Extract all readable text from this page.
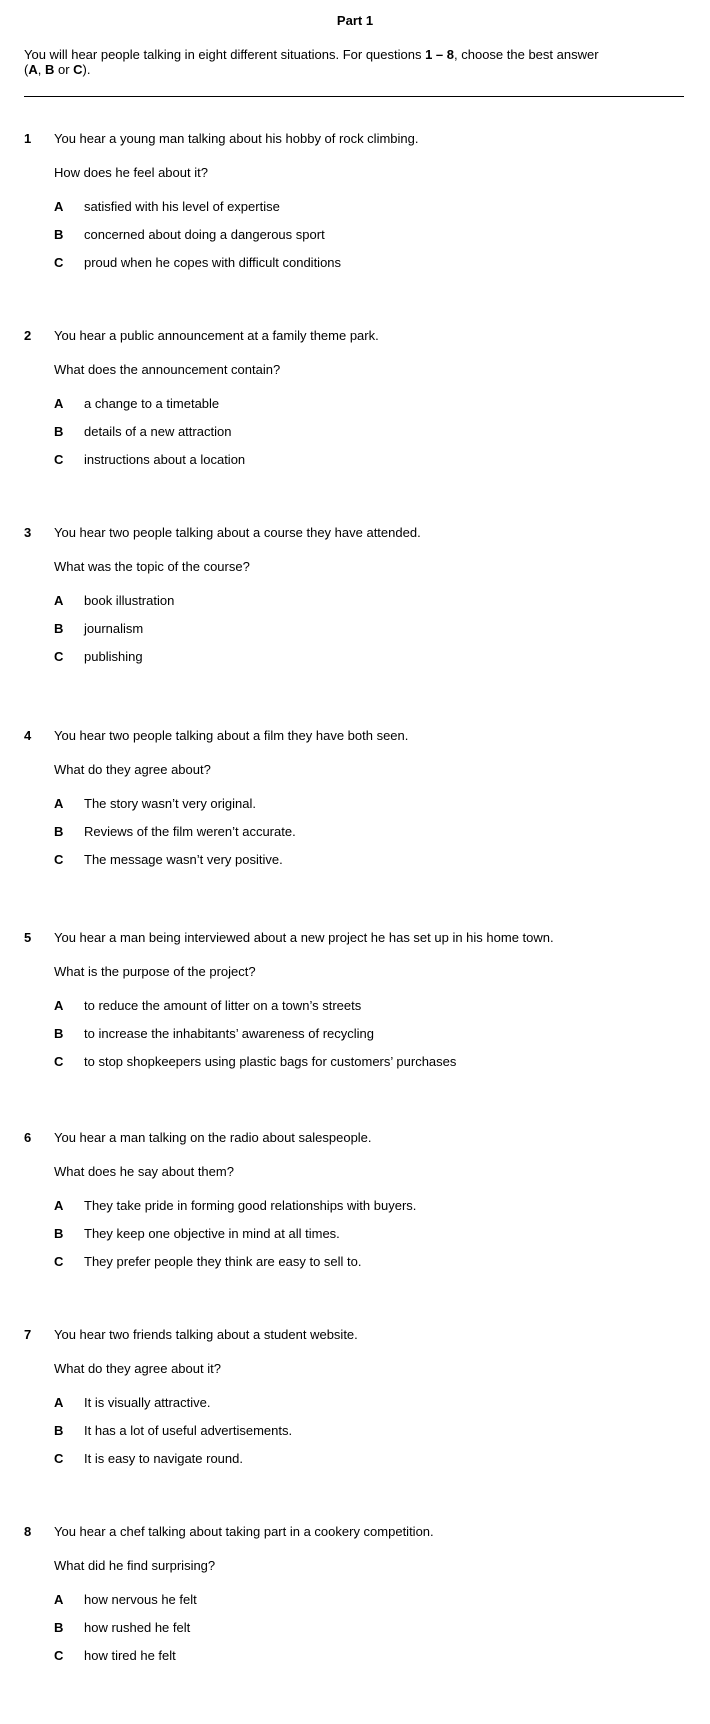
Part 1
You will hear people talking in eight different situations. For questions 1 – 8, choose the best answer
(A, B or C).
1 You hear a young man talking about his hobby of rock climbing.
How does he feel about it?
A satisfied with his level of expertise
B concerned about doing a dangerous sport
C proud when he copes with difficult conditions
2 You hear a public announcement at a family theme park.
What does the announcement contain?
A a change to a timetable
B details of a new attraction
C instructions about a location
3 You hear two people talking about a course they have attended.
What was the topic of the course?
A book illustration
B journalism
C publishing
4 You hear two people talking about a film they have both seen.
What do they agree about?
A The story wasn’t very original.
B Reviews of the film weren’t accurate.
C The message wasn’t very positive.
5 You hear a man being interviewed about a new project he has set up in his home town.
What is the purpose of the project?
A to reduce the amount of litter on a town’s streets
B to increase the inhabitants’ awareness of recycling
C to stop shopkeepers using plastic bags for customers’ purchases
6 You hear a man talking on the radio about salespeople.
What does he say about them?
A They take pride in forming good relationships with buyers.
B They keep one objective in mind at all times.
C They prefer people they think are easy to sell to.
7 You hear two friends talking about a student website.
What do they agree about it?
A It is visually attractive.
B It has a lot of useful advertisements.
C It is easy to navigate round.
8 You hear a chef talking about taking part in a cookery competition.
What did he find surprising?
A how nervous he felt
B how rushed he felt
C how tired he felt
